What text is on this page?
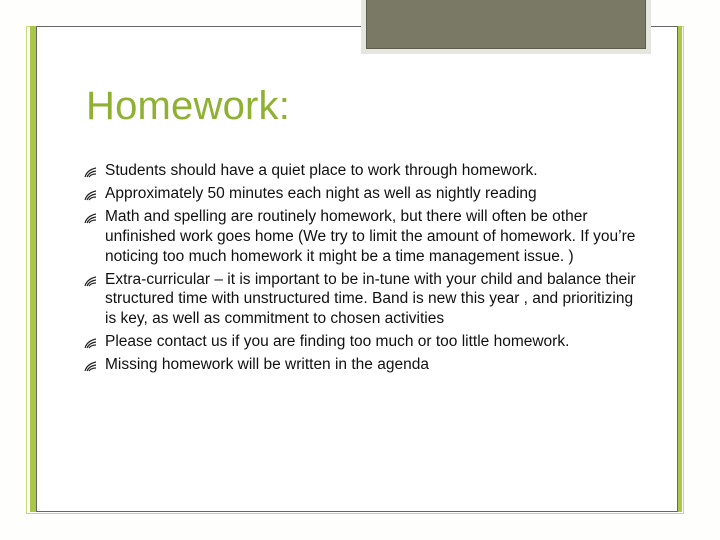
Homework:
Students should have a quiet place to work through homework.
Approximately 50 minutes each night as well as nightly reading
Math and spelling are routinely homework, but there will often be other unfinished work goes home (We try to limit the amount of homework. If you’re noticing too much homework it might be a time management issue. )
Extra-curricular – it is important to be in-tune with your child and balance their structured time with unstructured time. Band is new this year , and prioritizing is key, as well as commitment to chosen activities
Please contact us if you are finding too much or too little homework.
Missing homework will be written in the agenda
